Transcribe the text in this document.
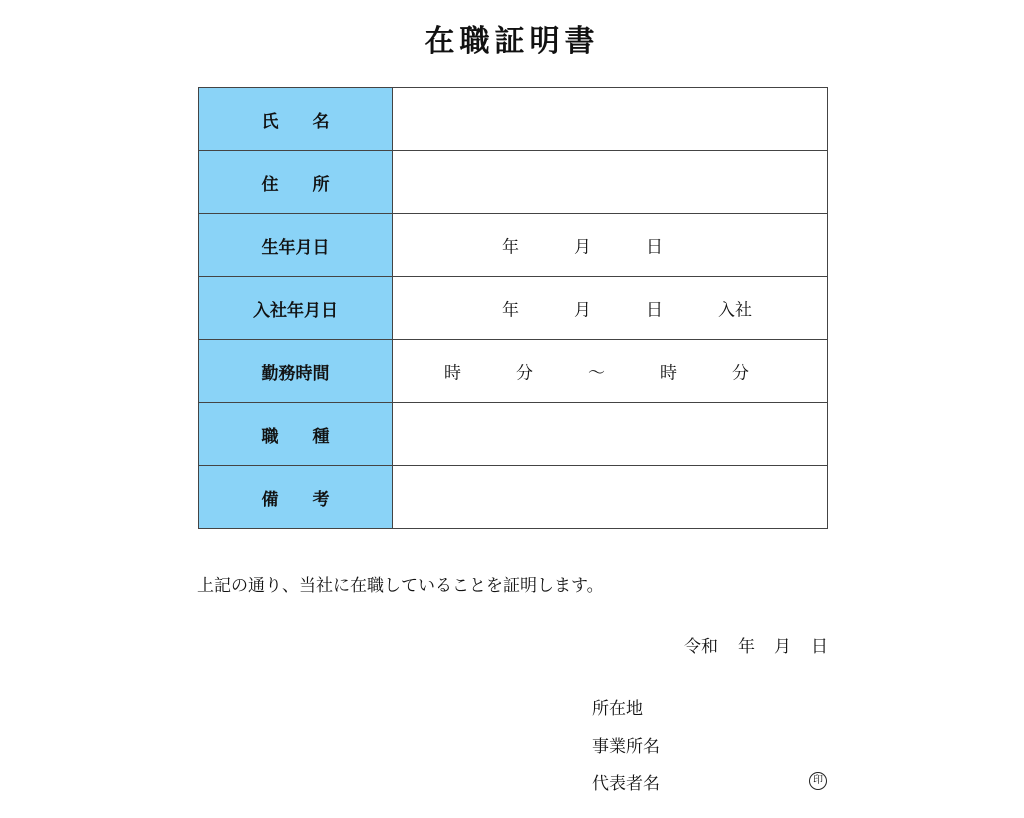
在職証明書
氏　　名	
住　　所	
生年月日	年 月 日

入社年月日	年 月 日 入社

勤務時間	時 分 ～ 時 分

職　　種	
備　　考	
上記の通り、当社に在職していることを証明します。
令和 年 月 日
所在地
事業所名
代表者名	印
